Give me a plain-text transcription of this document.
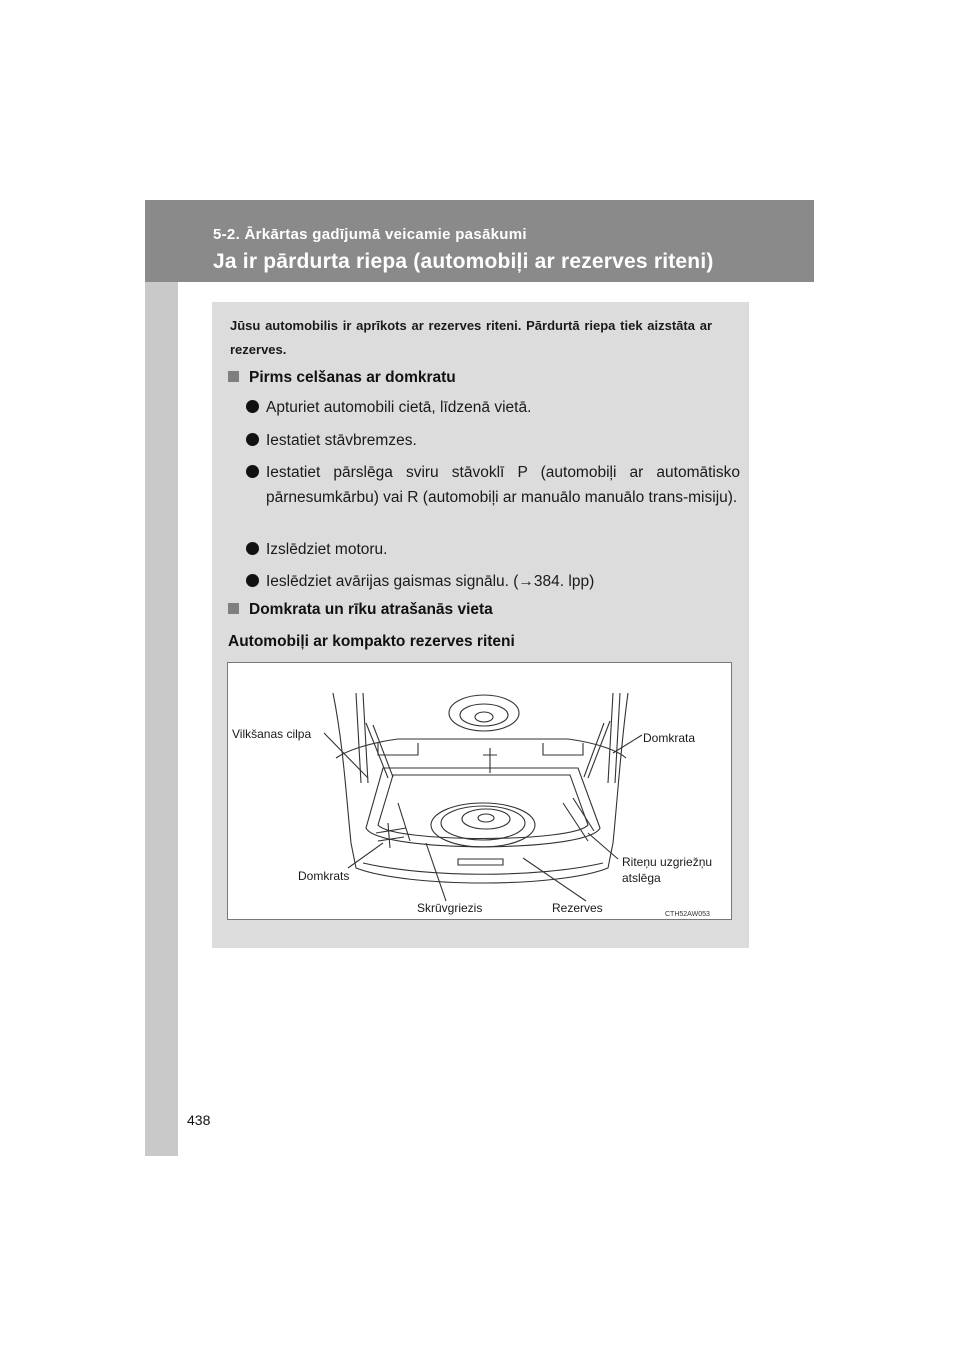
5-2. Ārkārtas gadījumā veicamie pasākumi
Ja ir pārdurta riepa (automobiļi ar rezerves riteni)
Jūsu automobilis ir aprīkots ar rezerves riteni. Pārdurtā riepa tiek aizstāta ar rezerves.
Pirms celšanas ar domkratu
Apturiet automobili cietā, līdzenā vietā.
Iestatiet stāvbremzes.
Iestatiet pārslēga sviru stāvoklī P (automobiļi ar automātisko pārnesumkārbu) vai R (automobiļi ar manuālo manuālo trans-misiju).
Izslēdziet motoru.
Ieslēdziet avārijas gaismas signālu. (→384. lpp)
Domkrata un rīku atrašanās vieta
Automobiļi ar kompakto rezerves riteni
Vilkšanas cilpa	Domkrata
Riteņu uzgriežņu
atslēga
Domkrats
Skrūvgriezis	Rezerves	CTH52AW053
438
